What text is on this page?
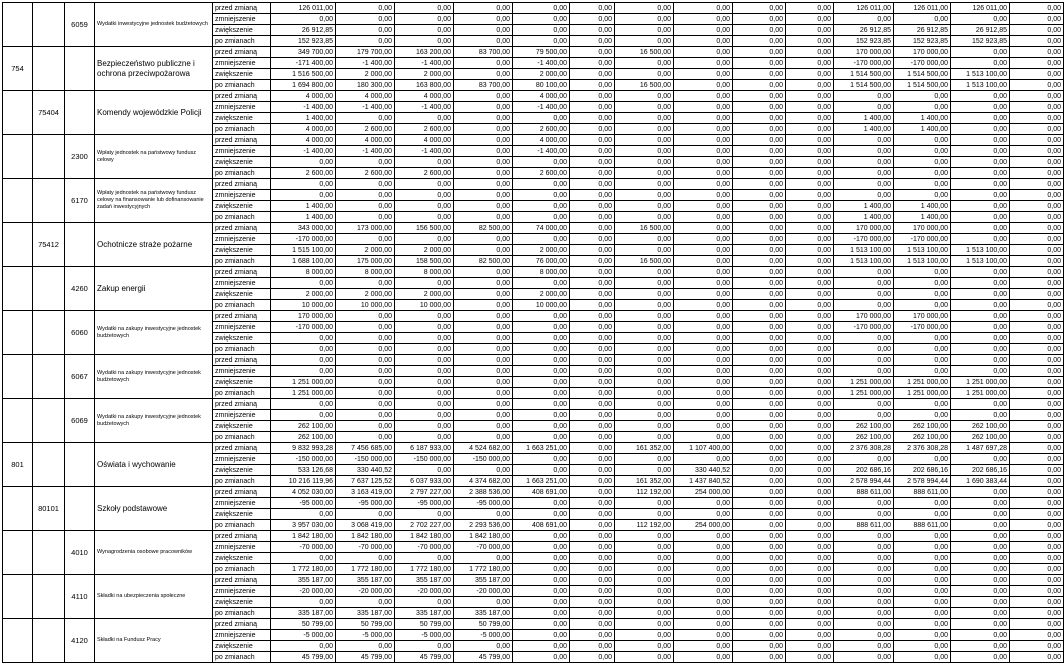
		6059	Wydatki inwestycyjne jednostek budżetowych	przed zmianą	126 011,00	0,00	0,00	0,00	0,00	0,00	0,00	0,00	0,00	0,00	126 011,00	126 011,00	126 011,00	0,00
				zmniejszenie	0,00	0,00	0,00	0,00	0,00	0,00	0,00	0,00	0,00	0,00	0,00	0,00	0,00	0,00
				zwiększenie	26 912,85	0,00	0,00	0,00	0,00	0,00	0,00	0,00	0,00	0,00	26 912,85	26 912,85	26 912,85	0,00
				po zmianach	152 923,85	0,00	0,00	0,00	0,00	0,00	0,00	0,00	0,00	0,00	152 923,85	152 923,85	152 923,85	0,00
754			Bezpieczeństwo publiczne i ochrona przeciwpożarowa	przed zmianą	349 700,00	179 700,00	163 200,00	83 700,00	79 500,00	0,00	16 500,00	0,00	0,00	0,00	170 000,00	170 000,00	0,00	0,00
				zmniejszenie	-171 400,00	-1 400,00	-1 400,00	0,00	-1 400,00	0,00	0,00	0,00	0,00	0,00	-170 000,00	-170 000,00	0,00	0,00
				zwiększenie	1 516 500,00	2 000,00	2 000,00	0,00	2 000,00	0,00	0,00	0,00	0,00	0,00	1 514 500,00	1 514 500,00	1 513 100,00	0,00
				po zmianach	1 694 800,00	180 300,00	163 800,00	83 700,00	80 100,00	0,00	16 500,00	0,00	0,00	0,00	1 514 500,00	1 514 500,00	1 513 100,00	0,00
	75404		Komendy wojewódzkie Policji	przed zmianą	4 000,00	4 000,00	4 000,00	0,00	4 000,00	0,00	0,00	0,00	0,00	0,00	0,00	0,00	0,00	0,00
				zmniejszenie	-1 400,00	-1 400,00	-1 400,00	0,00	-1 400,00	0,00	0,00	0,00	0,00	0,00	0,00	0,00	0,00	0,00
				zwiększenie	1 400,00	0,00	0,00	0,00	0,00	0,00	0,00	0,00	0,00	0,00	1 400,00	1 400,00	0,00	0,00
				po zmianach	4 000,00	2 600,00	2 600,00	0,00	2 600,00	0,00	0,00	0,00	0,00	0,00	1 400,00	1 400,00	0,00	0,00
		2300	Wpłaty jednostek na państwowy fundusz celowy	przed zmianą	4 000,00	4 000,00	4 000,00	0,00	4 000,00	0,00	0,00	0,00	0,00	0,00	0,00	0,00	0,00	0,00
				zmniejszenie	-1 400,00	-1 400,00	-1 400,00	0,00	-1 400,00	0,00	0,00	0,00	0,00	0,00	0,00	0,00	0,00	0,00
				zwiększenie	0,00	0,00	0,00	0,00	0,00	0,00	0,00	0,00	0,00	0,00	0,00	0,00	0,00	0,00
				po zmianach	2 600,00	2 600,00	2 600,00	0,00	2 600,00	0,00	0,00	0,00	0,00	0,00	0,00	0,00	0,00	0,00
		6170	Wpłaty jednostek na państwowy fundusz celowy na finansowanie lub dofinansowanie zadań inwestycyjnych	przed zmianą	0,00	0,00	0,00	0,00	0,00	0,00	0,00	0,00	0,00	0,00	0,00	0,00	0,00	0,00
				zmniejszenie	0,00	0,00	0,00	0,00	0,00	0,00	0,00	0,00	0,00	0,00	0,00	0,00	0,00	0,00
				zwiększenie	1 400,00	0,00	0,00	0,00	0,00	0,00	0,00	0,00	0,00	0,00	1 400,00	1 400,00	0,00	0,00
				po zmianach	1 400,00	0,00	0,00	0,00	0,00	0,00	0,00	0,00	0,00	0,00	1 400,00	1 400,00	0,00	0,00
	75412		Ochotnicze straże pożarne	przed zmianą	343 000,00	173 000,00	156 500,00	82 500,00	74 000,00	0,00	16 500,00	0,00	0,00	0,00	170 000,00	170 000,00	0,00	0,00
				zmniejszenie	-170 000,00	0,00	0,00	0,00	0,00	0,00	0,00	0,00	0,00	0,00	-170 000,00	-170 000,00	0,00	0,00
				zwiększenie	1 515 100,00	2 000,00	2 000,00	0,00	2 000,00	0,00	0,00	0,00	0,00	0,00	1 513 100,00	1 513 100,00	1 513 100,00	0,00
				po zmianach	1 688 100,00	175 000,00	158 500,00	82 500,00	76 000,00	0,00	16 500,00	0,00	0,00	0,00	1 513 100,00	1 513 100,00	1 513 100,00	0,00
		4260	Zakup energii	przed zmianą	8 000,00	8 000,00	8 000,00	0,00	8 000,00	0,00	0,00	0,00	0,00	0,00	0,00	0,00	0,00	0,00
				zmniejszenie	0,00	0,00	0,00	0,00	0,00	0,00	0,00	0,00	0,00	0,00	0,00	0,00	0,00	0,00
				zwiększenie	2 000,00	2 000,00	2 000,00	0,00	2 000,00	0,00	0,00	0,00	0,00	0,00	0,00	0,00	0,00	0,00
				po zmianach	10 000,00	10 000,00	10 000,00	0,00	10 000,00	0,00	0,00	0,00	0,00	0,00	0,00	0,00	0,00	0,00
		6060	Wydatki na zakupy inwestycyjne jednostek budżetowych	przed zmianą	170 000,00	0,00	0,00	0,00	0,00	0,00	0,00	0,00	0,00	0,00	170 000,00	170 000,00	0,00	0,00
				zmniejszenie	-170 000,00	0,00	0,00	0,00	0,00	0,00	0,00	0,00	0,00	0,00	-170 000,00	-170 000,00	0,00	0,00
				zwiększenie	0,00	0,00	0,00	0,00	0,00	0,00	0,00	0,00	0,00	0,00	0,00	0,00	0,00	0,00
				po zmianach	0,00	0,00	0,00	0,00	0,00	0,00	0,00	0,00	0,00	0,00	0,00	0,00	0,00	0,00
		6067	Wydatki na zakupy inwestycyjne jednostek budżetowych	przed zmianą	0,00	0,00	0,00	0,00	0,00	0,00	0,00	0,00	0,00	0,00	0,00	0,00	0,00	0,00
				zmniejszenie	0,00	0,00	0,00	0,00	0,00	0,00	0,00	0,00	0,00	0,00	0,00	0,00	0,00	0,00
				zwiększenie	1 251 000,00	0,00	0,00	0,00	0,00	0,00	0,00	0,00	0,00	0,00	1 251 000,00	1 251 000,00	1 251 000,00	0,00
				po zmianach	1 251 000,00	0,00	0,00	0,00	0,00	0,00	0,00	0,00	0,00	0,00	1 251 000,00	1 251 000,00	1 251 000,00	0,00
		6069	Wydatki na zakupy inwestycyjne jednostek budżetowych	przed zmianą	0,00	0,00	0,00	0,00	0,00	0,00	0,00	0,00	0,00	0,00	0,00	0,00	0,00	0,00
				zmniejszenie	0,00	0,00	0,00	0,00	0,00	0,00	0,00	0,00	0,00	0,00	0,00	0,00	0,00	0,00
				zwiększenie	262 100,00	0,00	0,00	0,00	0,00	0,00	0,00	0,00	0,00	0,00	262 100,00	262 100,00	262 100,00	0,00
				po zmianach	262 100,00	0,00	0,00	0,00	0,00	0,00	0,00	0,00	0,00	0,00	262 100,00	262 100,00	262 100,00	0,00
801			Oświata i wychowanie	przed zmianą	9 832 993,28	7 456 685,00	6 187 933,00	4 524 682,00	1 663 251,00	0,00	161 352,00	1 107 400,00	0,00	0,00	2 376 308,28	2 376 308,28	1 487 697,28	0,00
				zmniejszenie	-150 000,00	-150 000,00	-150 000,00	-150 000,00	0,00	0,00	0,00	0,00	0,00	0,00	0,00	0,00	0,00	0,00
				zwiększenie	533 126,68	330 440,52	0,00	0,00	0,00	0,00	0,00	330 440,52	0,00	0,00	202 686,16	202 686,16	202 686,16	0,00
				po zmianach	10 216 119,96	7 637 125,52	6 037 933,00	4 374 682,00	1 663 251,00	0,00	161 352,00	1 437 840,52	0,00	0,00	2 578 994,44	2 578 994,44	1 690 383,44	0,00
	80101		Szkoły podstawowe	przed zmianą	4 052 030,00	3 163 419,00	2 797 227,00	2 388 536,00	408 691,00	0,00	112 192,00	254 000,00	0,00	0,00	888 611,00	888 611,00	0,00	0,00
				zmniejszenie	-95 000,00	-95 000,00	-95 000,00	-95 000,00	0,00	0,00	0,00	0,00	0,00	0,00	0,00	0,00	0,00	0,00
				zwiększenie	0,00	0,00	0,00	0,00	0,00	0,00	0,00	0,00	0,00	0,00	0,00	0,00	0,00	0,00
				po zmianach	3 957 030,00	3 068 419,00	2 702 227,00	2 293 536,00	408 691,00	0,00	112 192,00	254 000,00	0,00	0,00	888 611,00	888 611,00	0,00	0,00
		4010	Wynagrodzenia osobowe pracowników	przed zmianą	1 842 180,00	1 842 180,00	1 842 180,00	1 842 180,00	0,00	0,00	0,00	0,00	0,00	0,00	0,00	0,00	0,00	0,00
				zmniejszenie	-70 000,00	-70 000,00	-70 000,00	-70 000,00	0,00	0,00	0,00	0,00	0,00	0,00	0,00	0,00	0,00	0,00
				zwiększenie	0,00	0,00	0,00	0,00	0,00	0,00	0,00	0,00	0,00	0,00	0,00	0,00	0,00	0,00
				po zmianach	1 772 180,00	1 772 180,00	1 772 180,00	1 772 180,00	0,00	0,00	0,00	0,00	0,00	0,00	0,00	0,00	0,00	0,00
		4110	Składki na ubezpieczenia społeczne	przed zmianą	355 187,00	355 187,00	355 187,00	355 187,00	0,00	0,00	0,00	0,00	0,00	0,00	0,00	0,00	0,00	0,00
				zmniejszenie	-20 000,00	-20 000,00	-20 000,00	-20 000,00	0,00	0,00	0,00	0,00	0,00	0,00	0,00	0,00	0,00	0,00
				zwiększenie	0,00	0,00	0,00	0,00	0,00	0,00	0,00	0,00	0,00	0,00	0,00	0,00	0,00	0,00
				po zmianach	335 187,00	335 187,00	335 187,00	335 187,00	0,00	0,00	0,00	0,00	0,00	0,00	0,00	0,00	0,00	0,00
		4120	Składki na Fundusz Pracy	przed zmianą	50 799,00	50 799,00	50 799,00	50 799,00	0,00	0,00	0,00	0,00	0,00	0,00	0,00	0,00	0,00	0,00
				zmniejszenie	-5 000,00	-5 000,00	-5 000,00	-5 000,00	0,00	0,00	0,00	0,00	0,00	0,00	0,00	0,00	0,00	0,00
				zwiększenie	0,00	0,00	0,00	0,00	0,00	0,00	0,00	0,00	0,00	0,00	0,00	0,00	0,00	0,00
				po zmianach	45 799,00	45 799,00	45 799,00	45 799,00	0,00	0,00	0,00	0,00	0,00	0,00	0,00	0,00	0,00	0,00
